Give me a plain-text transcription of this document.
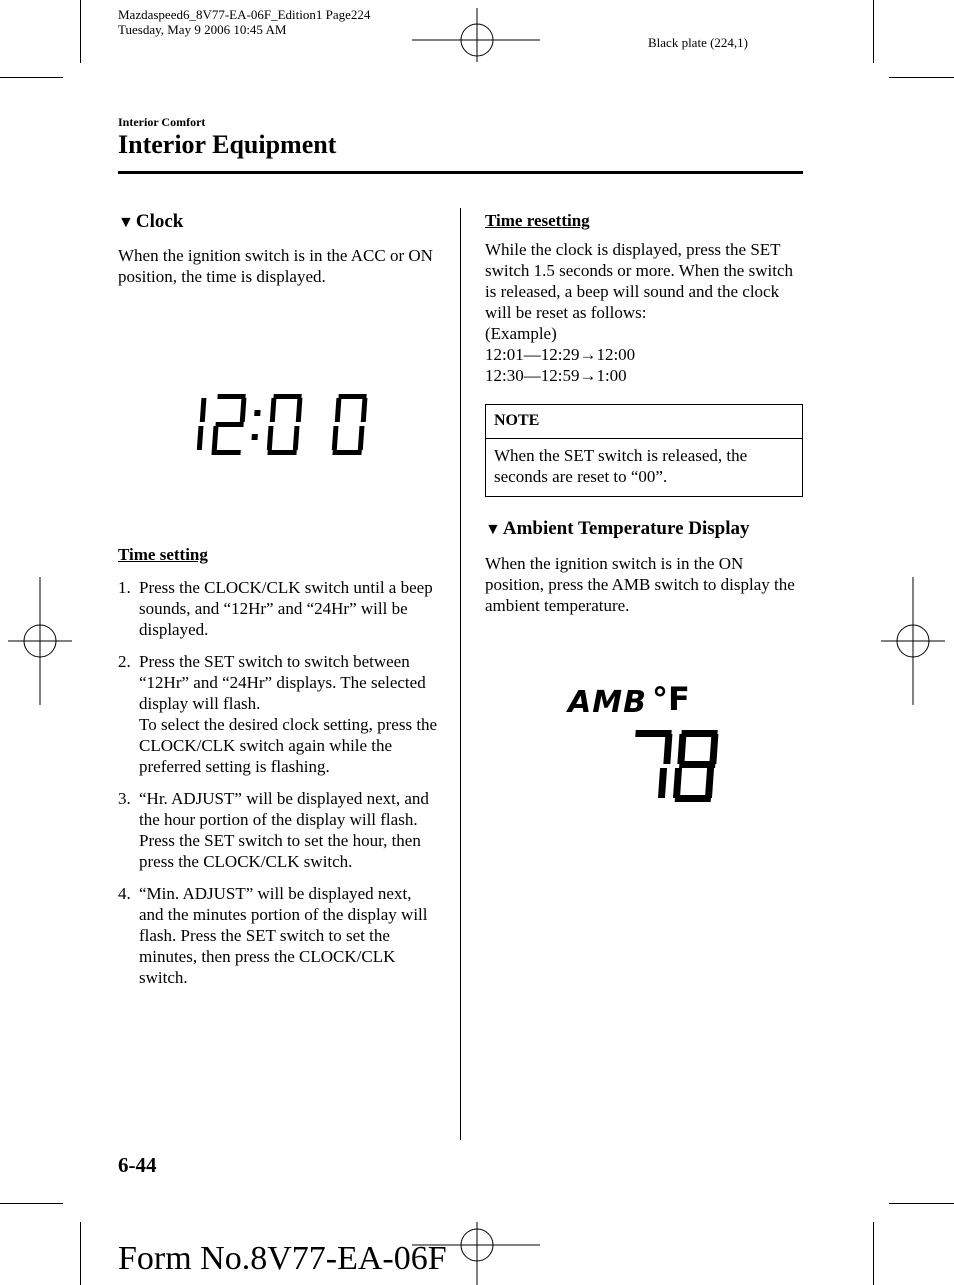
Mazdaspeed6_8V77-EA-06F_Edition1 Page224
Tuesday, May 9 2006 10:45 AM
Black plate (224,1)
Interior Comfort
Interior Equipment
▼ Clock
When the ignition switch is in the ACC or ON position, the time is displayed.
Time setting
1. Press the CLOCK/CLK switch until a beep sounds, and “12Hr” and “24Hr” will be displayed.
2. Press the SET switch to switch between “12Hr” and “24Hr” displays. The selected display will flash.
To select the desired clock setting, press the CLOCK/CLK switch again while the preferred setting is flashing.
3. “Hr. ADJUST” will be displayed next, and the hour portion of the display will flash. Press the SET switch to set the hour, then press the CLOCK/CLK switch.
4. “Min. ADJUST” will be displayed next, and the minutes portion of the display will flash. Press the SET switch to set the minutes, then press the CLOCK/CLK switch.
Time resetting
While the clock is displayed, press the SET switch 1.5 seconds or more. When the switch is released, a beep will sound and the clock will be reset as follows:
(Example)
12:01—12:29→12:00
12:30—12:59→1:00
NOTE
When the SET switch is released, the seconds are reset to “00”.
▼ Ambient Temperature Display
When the ignition switch is in the ON position, press the AMB switch to display the ambient temperature.
AMB °F
6-44
Form No.8V77-EA-06F
